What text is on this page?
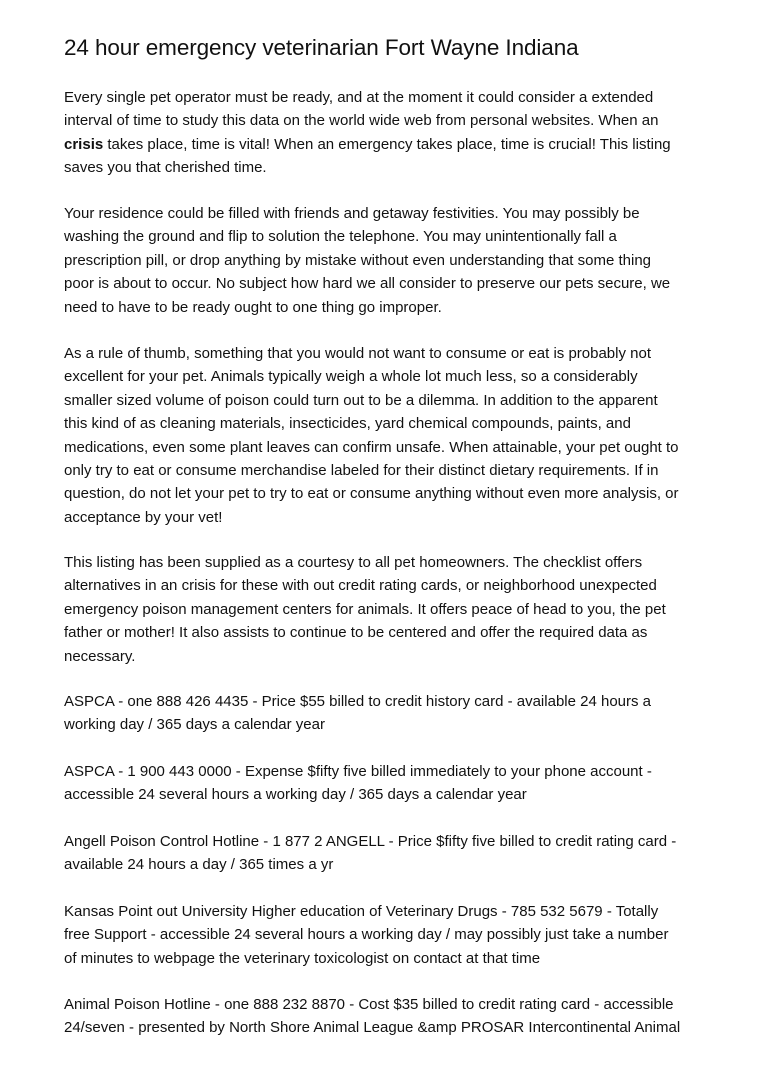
24 hour emergency veterinarian Fort Wayne Indiana

Every single pet operator must be ready, and at the moment it could consider a extended
interval of time to study this data on the world wide web from personal websites. When an
crisis takes place, time is vital! When an emergency takes place, time is crucial! This listing
saves you that cherished time.

Your residence could be filled with friends and getaway festivities. You may possibly be
washing the ground and flip to solution the telephone. You may unintentionally fall a
prescription pill, or drop anything by mistake without even understanding that some thing
poor is about to occur. No subject how hard we all consider to preserve our pets secure, we
need to have to be ready ought to one thing go improper.

As a rule of thumb, something that you would not want to consume or eat is probably not
excellent for your pet. Animals typically weigh a whole lot much less, so a considerably
smaller sized volume of poison could turn out to be a dilemma. In addition to the apparent
this kind of as cleaning materials, insecticides, yard chemical compounds, paints, and
medications, even some plant leaves can confirm unsafe. When attainable, your pet ought to
only try to eat or consume merchandise labeled for their distinct dietary requirements. If in
question, do not let your pet to try to eat or consume anything without even more analysis, or
acceptance by your vet!

This listing has been supplied as a courtesy to all pet homeowners. The checklist offers
alternatives in an crisis for these with out credit rating cards, or neighborhood unexpected
emergency poison management centers for animals. It offers peace of head to you, the pet
father or mother! It also assists to continue to be centered and offer the required data as
necessary.

ASPCA - one 888 426 4435 - Price $55 billed to credit history card - available 24 hours a
working day / 365 days a calendar year

ASPCA - 1 900 443 0000 - Expense $fifty five billed immediately to your phone account -
accessible 24 several hours a working day / 365 days a calendar year

Angell Poison Control Hotline - 1 877 2 ANGELL - Price $fifty five billed to credit rating card -
available 24 hours a day / 365 times a yr

Kansas Point out University Higher education of Veterinary Drugs - 785 532 5679 - Totally
free Support - accessible 24 several hours a working day / may possibly just take a number
of minutes to webpage the veterinary toxicologist on contact at that time

Animal Poison Hotline - one 888 232 8870 - Cost $35 billed to credit rating card - accessible
24/seven - presented by North Shore Animal League &amp PROSAR Intercontinental Animal
